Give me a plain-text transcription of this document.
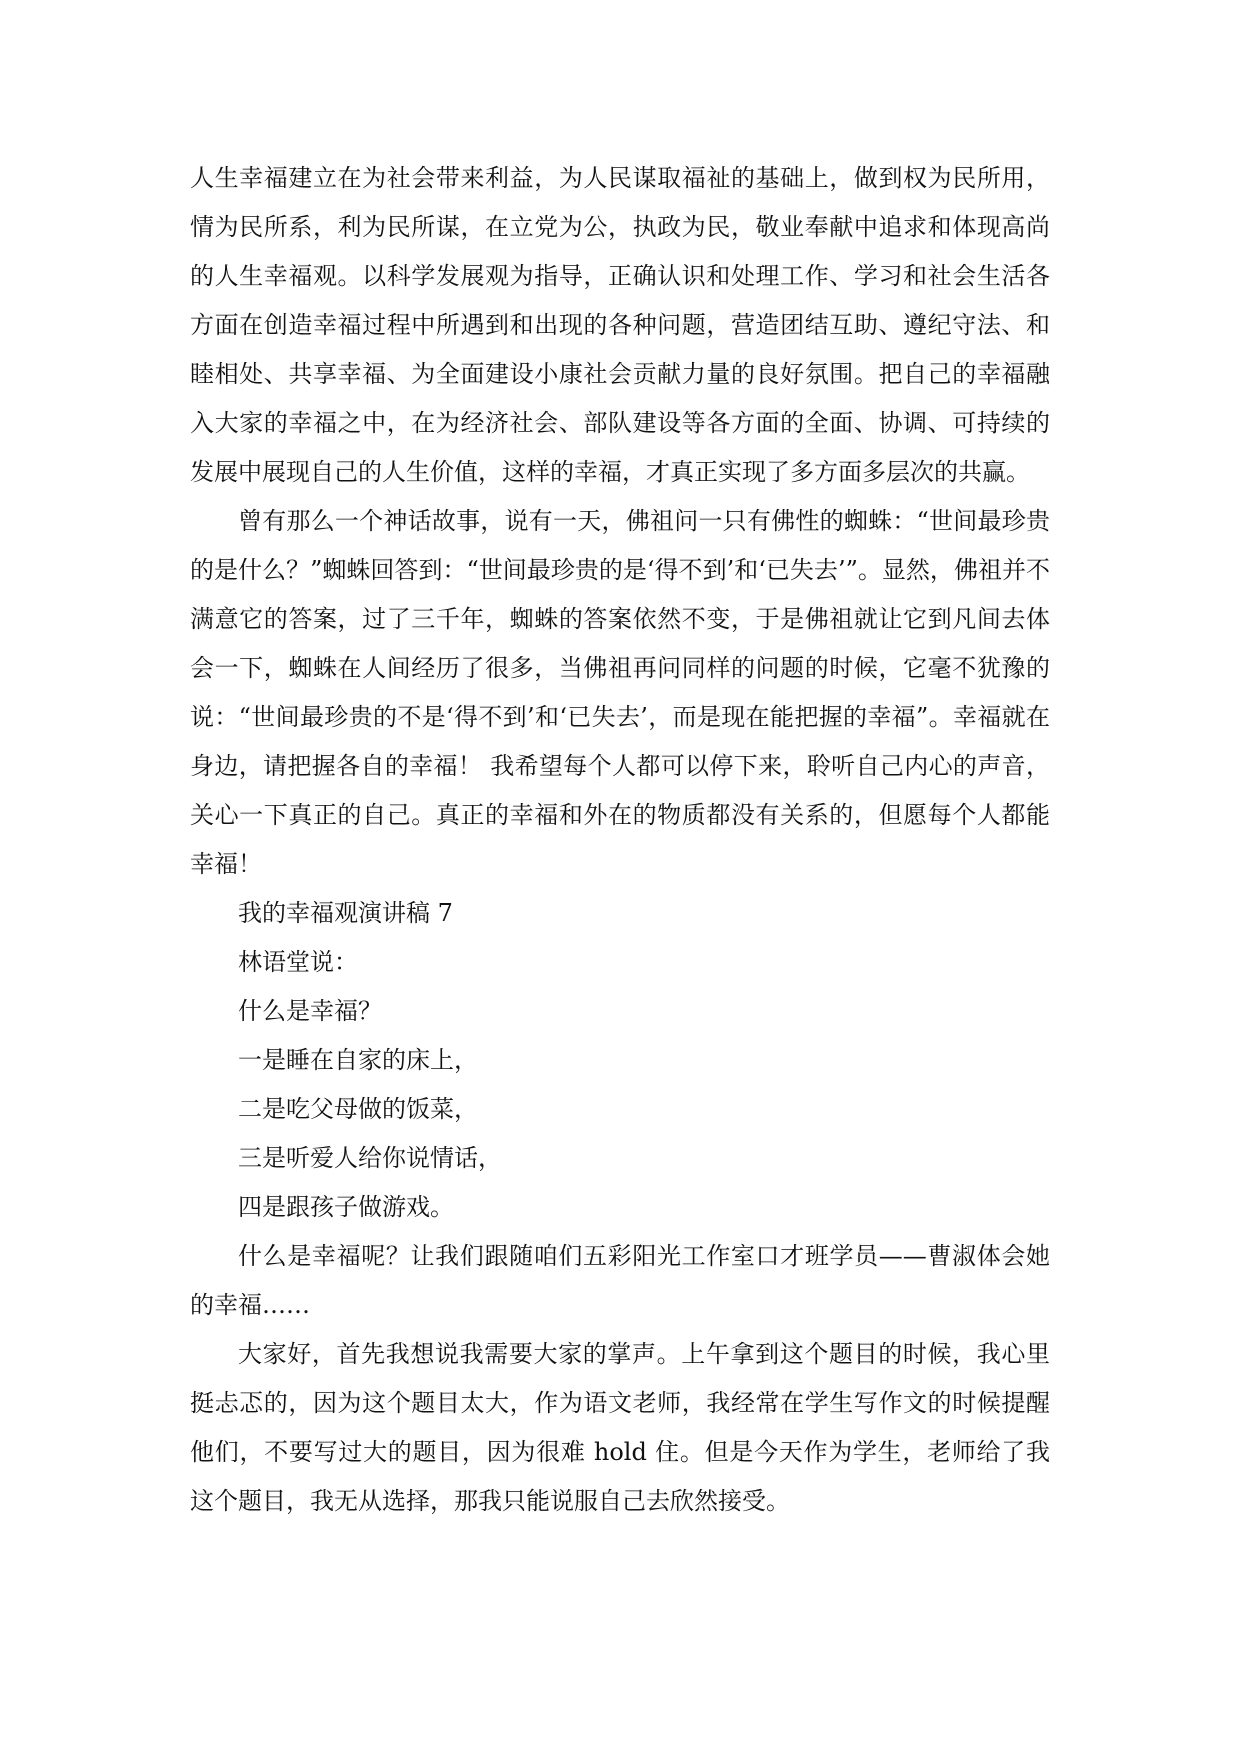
人生幸福建立在为社会带来利益，为人民谋取福祉的基础上，做到权为民所用，情为民所系，利为民所谋，在立党为公，执政为民，敬业奉献中追求和体现高尚的人生幸福观。以科学发展观为指导，正确认识和处理工作、学习和社会生活各方面在创造幸福过程中所遇到和出现的各种问题，营造团结互助、遵纪守法、和睦相处、共享幸福、为全面建设小康社会贡献力量的良好氛围。把自己的幸福融入大家的幸福之中，在为经济社会、部队建设等各方面的全面、协调、可持续的发展中展现自己的人生价值，这样的幸福，才真正实现了多方面多层次的共赢。

曾有那么一个神话故事，说有一天，佛祖问一只有佛性的蜘蛛：“世间最珍贵的是什么？”蜘蛛回答到：“世间最珍贵的是‘得不到’和‘已失去’”。显然，佛祖并不满意它的答案，过了三千年，蜘蛛的答案依然不变，于是佛祖就让它到凡间去体会一下，蜘蛛在人间经历了很多，当佛祖再问同样的问题的时候，它毫不犹豫的说：“世间最珍贵的不是‘得不到’和‘已失去’，而是现在能把握的幸福”。幸福就在身边，请把握各自的幸福！ 我希望每个人都可以停下来，聆听自己内心的声音，关心一下真正的自己。真正的幸福和外在的物质都没有关系的，但愿每个人都能幸福！

我的幸福观演讲稿 7

林语堂说：

什么是幸福？

一是睡在自家的床上，

二是吃父母做的饭菜，

三是听爱人给你说情话，

四是跟孩子做游戏。

什么是幸福呢？让我们跟随咱们五彩阳光工作室口才班学员——曹淑体会她的幸福……

大家好，首先我想说我需要大家的掌声。上午拿到这个题目的时候，我心里挺忐忑的，因为这个题目太大，作为语文老师，我经常在学生写作文的时候提醒他们，不要写过大的题目，因为很难 hold 住。但是今天作为学生，老师给了我这个题目，我无从选择，那我只能说服自己去欣然接受。
